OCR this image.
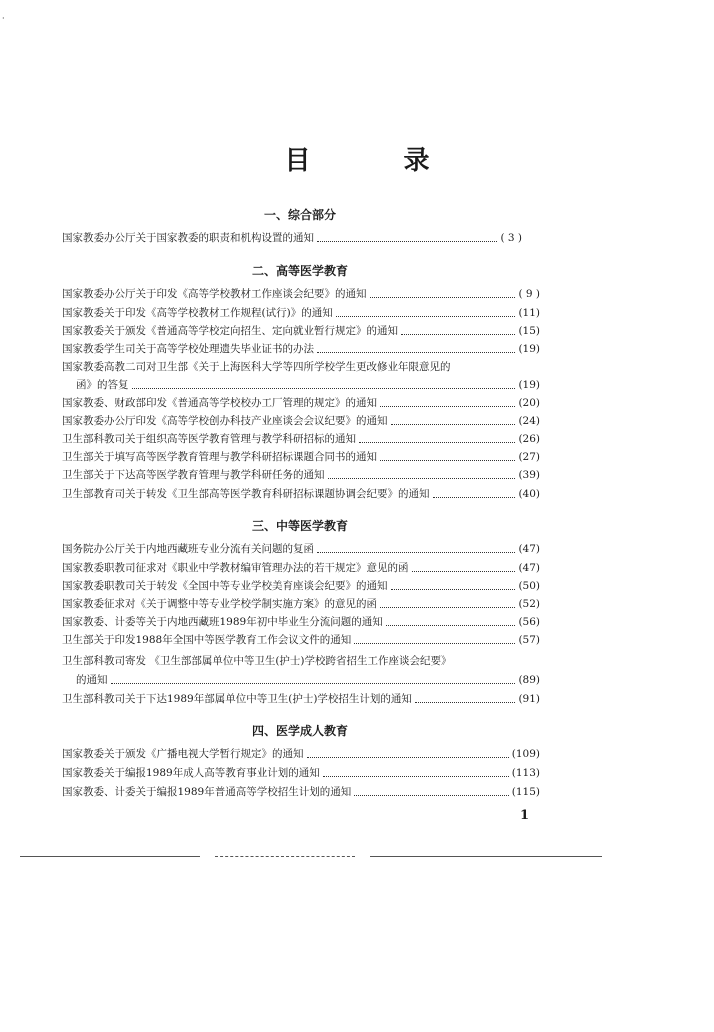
·
目 录
一、综合部分
国家教委办公厅关于国家教委的职责和机构设置的通知	( 3 )
二、高等医学教育
国家教委办公厅关于印发《高等学校教材工作座谈会纪要》的通知	( 9 )
国家教委关于印发《高等学校教材工作规程(试行)》的通知	(11)
国家教委关于颁发《普通高等学校定向招生、定向就业暂行规定》的通知	(15)
国家教委学生司关于高等学校处理遗失毕业证书的办法	(19)
国家教委高教二司对卫生部《关于上海医科大学等四所学校学生更改修业年限意见的
函》的答复	(19)
国家教委、财政部印发《普通高等学校校办工厂管理的规定》的通知	(20)
国家教委办公厅印发《高等学校创办科技产业座谈会会议纪要》的通知	(24)
卫生部科教司关于组织高等医学教育管理与教学科研招标的通知	(26)
卫生部关于填写高等医学教育管理与教学科研招标课题合同书的通知	(27)
卫生部关于下达高等医学教育管理与教学科研任务的通知	(39)
卫生部教育司关于转发《卫生部高等医学教育科研招标课题协调会纪要》的通知	(40)
三、中等医学教育
国务院办公厅关于内地西藏班专业分流有关问题的复函	(47)
国家教委职教司征求对《职业中学教材编审管理办法的若干规定》意见的函	(47)
国家教委职教司关于转发《全国中等专业学校美育座谈会纪要》的通知	(50)
国家教委征求对《关于调整中等专业学校学制实施方案》的意见的函	(52)
国家教委、计委等关于内地西藏班1989年初中毕业生分流问题的通知	(56)
卫生部关于印发1988年全国中等医学教育工作会议文件的通知	(57)
卫生部科教司寄发 《卫生部部属单位中等卫生(护士)学校跨省招生工作座谈会纪要》
的通知	(89)
卫生部科教司关于下达1989年部属单位中等卫生(护士)学校招生计划的通知	(91)
四、医学成人教育
国家教委关于颁发《广播电视大学暂行规定》的通知	(109)
国家教委关于编报1989年成人高等教育事业计划的通知	(113)
国家教委、计委关于编报1989年普通高等学校招生计划的通知	(115)
1
